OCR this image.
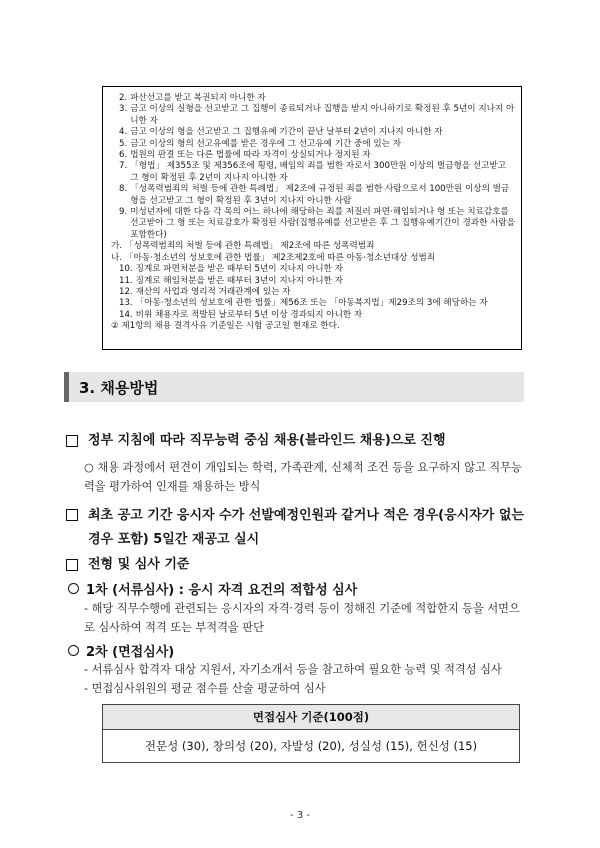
2. 파산선고를 받고 복권되지 아니한 자
3. 금고 이상의 실형을 선고받고 그 집행이 종료되거나 집행을 받지 아니하기로 확정된 후 5년이 지나지 아니한 자
4. 금고 이상의 형을 선고받고 그 집행유예 기간이 끝난 날부터 2년이 지나지 아니한 자
5. 금고 이상의 형의 선고유예를 받은 경우에 그 선고유예 기간 중에 있는 자
6. 법원의 판결 또는 다른 법률에 따라 자격이 상실되거나 정지된 자
7. 「형법」 제355조 및 제356조에 횡령, 배임의 죄를 범한 자로서 300만원 이상의 벌금형을 선고받고 그 형이 확정된 후 2년이 지나지 아니한 자
8. 「성폭력범죄의 처벌 등에 관한 특례법」 제2조에 규정된 죄를 범한 사람으로서 100만원 이상의 벌금형을 선고받고 그 형이 확정된 후 3년이 지나지 아니한 사람
9. 미성년자에 대한 다음 각 목의 어느 하나에 해당하는 죄를 저질러 파면·해임되거나 형 또는 치료감호를 선고받아 그 형 또는 치료감호가 확정된 사람(집행유예를 선고받은 후 그 집행유예기간이 경과한 사람을 포함한다)
가. 「성폭력범죄의 처벌 등에 관한 특례법」 제2조에 따른 성폭력범죄
나. 「아동·청소년의 성보호에 관한 법률」 제2조제2호에 따른 아동·청소년대상 성범죄
10. 징계로 파면처분을 받은 때부터 5년이 지나지 아니한 자
11. 징계로 해임처분을 받은 때부터 3년이 지나지 아니한 자
12. 재산의 사업과 영리적 거래관계에 있는 자
13. 「아동·청소년의 성보호에 관한 법률」제56조 또는 「아동복지법」제29조의 3에 해당하는 자
14. 비위 채용자로 적발된 날로부터 5년 이상 경과되지 아니한 자
② 제1항의 채용 결격사유 기준일은 시험 공고일 현재로 한다.
3. 채용방법
정부 지침에 따라 직무능력 중심 채용(블라인드 채용)으로 진행
○ 채용 과정에서 편견이 개입되는 학력, 가족관계, 신체적 조건 등을 요구하지 않고 직무능력을 평가하여 인재를 채용하는 방식
최초 공고 기간 응시자 수가 선발예정인원과 같거나 적은 경우(응시자가 없는 경우 포함) 5일간 재공고 실시
전형 및 심사 기준
1차 (서류심사) : 응시 자격 요건의 적합성 심사
- 해당 직무수행에 관련되는 응시자의 자격·경력 등이 정해진 기준에 적합한지 등을 서면으로 심사하여 적격 또는 부적격을 판단
2차 (면접심사)
- 서류심사 합격자 대상 지원서, 자기소개서 등을 참고하여 필요한 능력 및 적격성 심사
- 면접심사위원의 평균 점수를 산술 평균하여 심사
면접심사 기준(100점)
전문성 (30), 창의성 (20), 자발성 (20), 성실성 (15), 헌신성 (15)
- 3 -
